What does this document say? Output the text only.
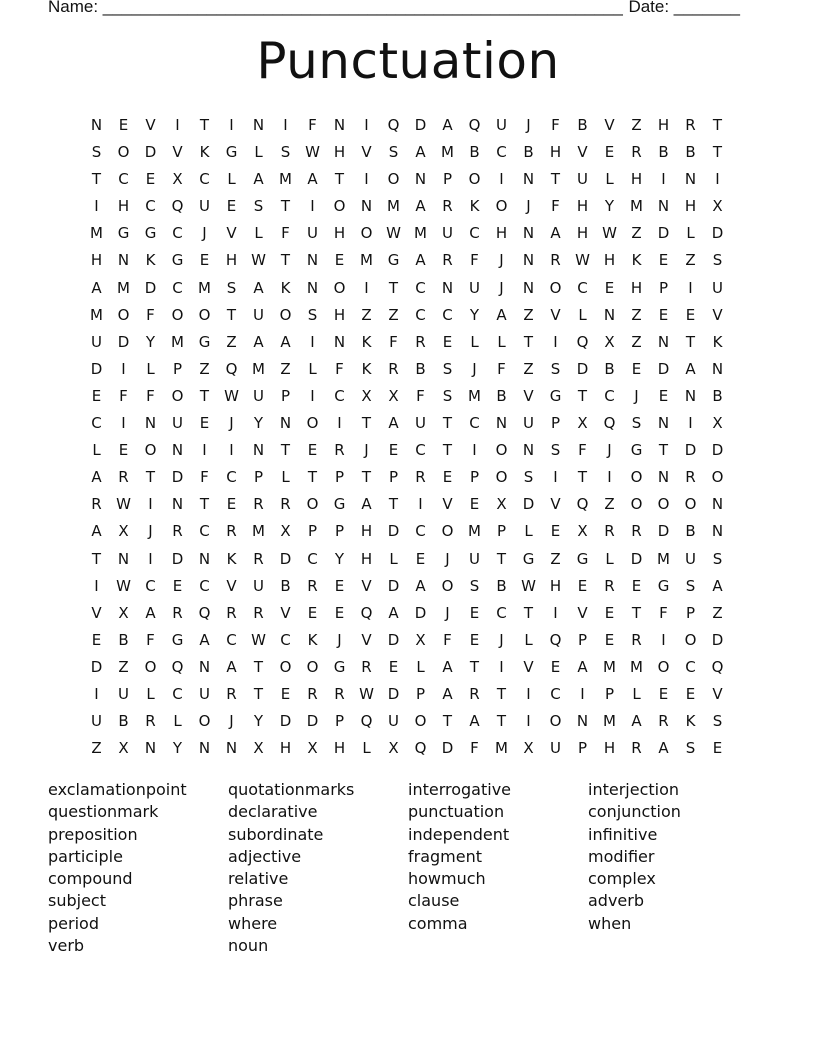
Name: _______________________________________________________ Date: _______
Punctuation
N	E	V	I	T	I	N	I	F	N	I	Q	D	A	Q	U	J	F	B	V	Z	H	R	T
S	O	D	V	K	G	L	S W H	V	S	A	M	B	C	B	H	V	E	R	B	B	T
T	C	E	X	C	L	A	M	A	T	I	O	N	P	O	I	N	T	U	L	H	I	N	I
I	H	C	Q	U	E	S	T	I	O	N M	A	R	K	O	J	F	H	Y	M N	H	X
M G	G	C	J	V	L	F	U	H	O W M	U	C	H	N	A	H W Z	D	L	D
H	N	K	G	E	H W T	N	E	M G	A	R	F	J	N	R W H	K	E	Z	S
A	M D	C	M	S	A	K	N	O	I	T	C	N	U	J	N	O	C	E	H	P	I	U
M O	F	O	O	T	U	O	S	H	Z	Z	C	C	Y	A	Z	V	L	N	Z	E	E	V
U	D	Y	M G	Z	A	A	I	N	K	F	R	E	L	L	T	I	Q	X	Z	N	T	K
D	I	L	P	Z	Q M	Z	L	F	K	R	B	S	J	F	Z	S	D	B	E	D	A	N
E	F	F	O	T	W U	P	I	C	X	X	F	S	M	B	V	G	T	C	J	E	N	B
C	I	N	U	E	J	Y	N	O	I	T	A	U	T	C	N	U	P	X	Q	S	N	I	X
L	E	O	N	I	I	N	T	E	R	J	E	C	T	I	O	N	S	F	J	G	T	D	D
A	R	T	D	F	C	P	L	T	P	T	P	R	E	P	O	S	I	T	I	O	N	R	O
R W	I	N	T	E	R	R	O	G	A	T	I	V	E	X	D	V	Q	Z	O	O	O	N
A	X	J	R	C	R	M	X	P	P	H	D	C	O M	P	L	E	X	R	R	D	B	N
T	N	I	D	N	K	R	D	C	Y	H	L	E	J	U	T	G	Z	G	L	D M	U	S
I	W C	E	C	V	U	B	R	E	V	D	A	O	S	B W H	E	R	E	G	S	A
V	X	A	R	Q	R	R	V	E	E	Q	A	D	J	E	C	T	I	V	E	T	F	P	Z
E	B	F	G	A	C W C	K	J	V	D	X	F	E	J	L	Q	P	E	R	I	O	D
D	Z	O	Q	N	A	T	O	O	G	R	E	L	A	T	I	V	E	A	M M O	C	Q
I	U	L	C	U	R	T	E	R	R W D	P	A	R	T	I	C	I	P	L	E	E	V
U	B	R	L	O	J	Y	D	D	P	Q	U	O	T	A	T	I	O	N M	A	R	K	S
Z	X	N	Y	N	N	X	H	X	H	L	X	Q	D	F	M	X	U	P	H	R	A	S	E
exclamationpoint	quotationmarks	interrogative	interjection
questionmark	declarative	punctuation	conjunction
preposition	subordinate	independent	infinitive
participle	adjective	fragment	modifier
compound	relative	howmuch	complex
subject	phrase	clause	adverb
period	where	comma	when
verb	noun
